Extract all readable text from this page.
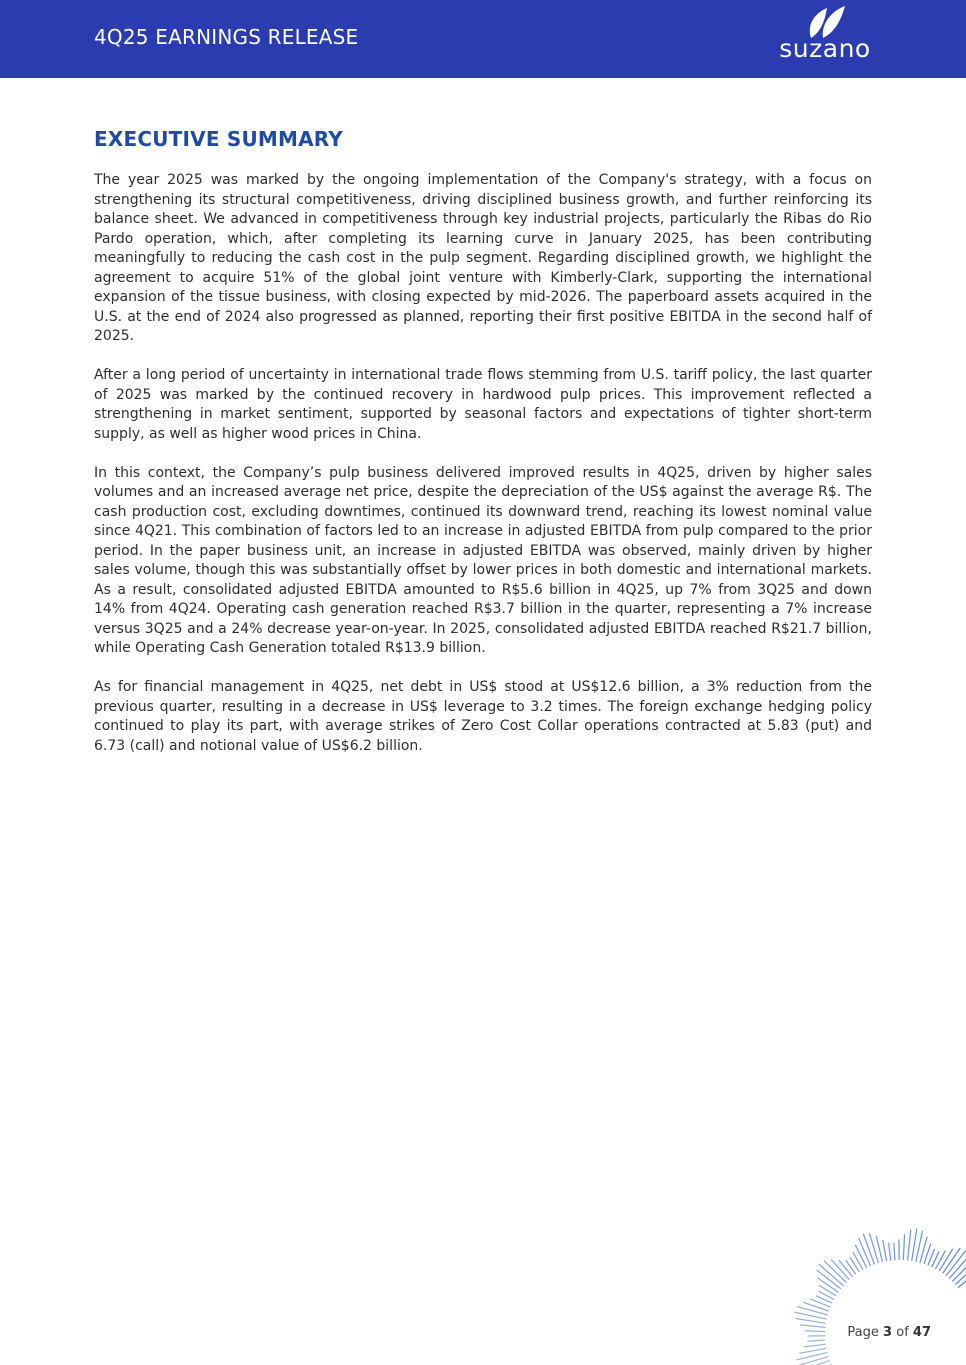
4Q25 EARNINGS RELEASE	suzano
EXECUTIVE SUMMARY

The year 2025 was marked by the ongoing implementation of the Company's strategy, with a focus on strengthening its structural competitiveness, driving disciplined business growth, and further reinforcing its balance sheet. We advanced in competitiveness through key industrial projects, particularly the Ribas do Rio Pardo operation, which, after completing its learning curve in January 2025, has been contributing meaningfully to reducing the cash cost in the pulp segment. Regarding disciplined growth, we highlight the agreement to acquire 51% of the global joint venture with Kimberly-Clark, supporting the international expansion of the tissue business, with closing expected by mid-2026. The paperboard assets acquired in the U.S. at the end of 2024 also progressed as planned, reporting their first positive EBITDA in the second half of 2025.

After a long period of uncertainty in international trade flows stemming from U.S. tariff policy, the last quarter of 2025 was marked by the continued recovery in hardwood pulp prices. This improvement reflected a strengthening in market sentiment, supported by seasonal factors and expectations of tighter short-term supply, as well as higher wood prices in China.

In this context, the Company’s pulp business delivered improved results in 4Q25, driven by higher sales volumes and an increased average net price, despite the depreciation of the US$ against the average R$. The cash production cost, excluding downtimes, continued its downward trend, reaching its lowest nominal value since 4Q21. This combination of factors led to an increase in adjusted EBITDA from pulp compared to the prior period. In the paper business unit, an increase in adjusted EBITDA was observed, mainly driven by higher sales volume, though this was substantially offset by lower prices in both domestic and international markets. As a result, consolidated adjusted EBITDA amounted to R$5.6 billion in 4Q25, up 7% from 3Q25 and down 14% from 4Q24. Operating cash generation reached R$3.7 billion in the quarter, representing a 7% increase versus 3Q25 and a 24% decrease year-on-year. In 2025, consolidated adjusted EBITDA reached R$21.7 billion, while Operating Cash Generation totaled R$13.9 billion.

As for financial management in 4Q25, net debt in US$ stood at US$12.6 billion, a 3% reduction from the previous quarter, resulting in a decrease in US$ leverage to 3.2 times. The foreign exchange hedging policy continued to play its part, with average strikes of Zero Cost Collar operations contracted at 5.83 (put) and 6.73 (call) and notional value of US$6.2 billion.

Page 3 of 47
